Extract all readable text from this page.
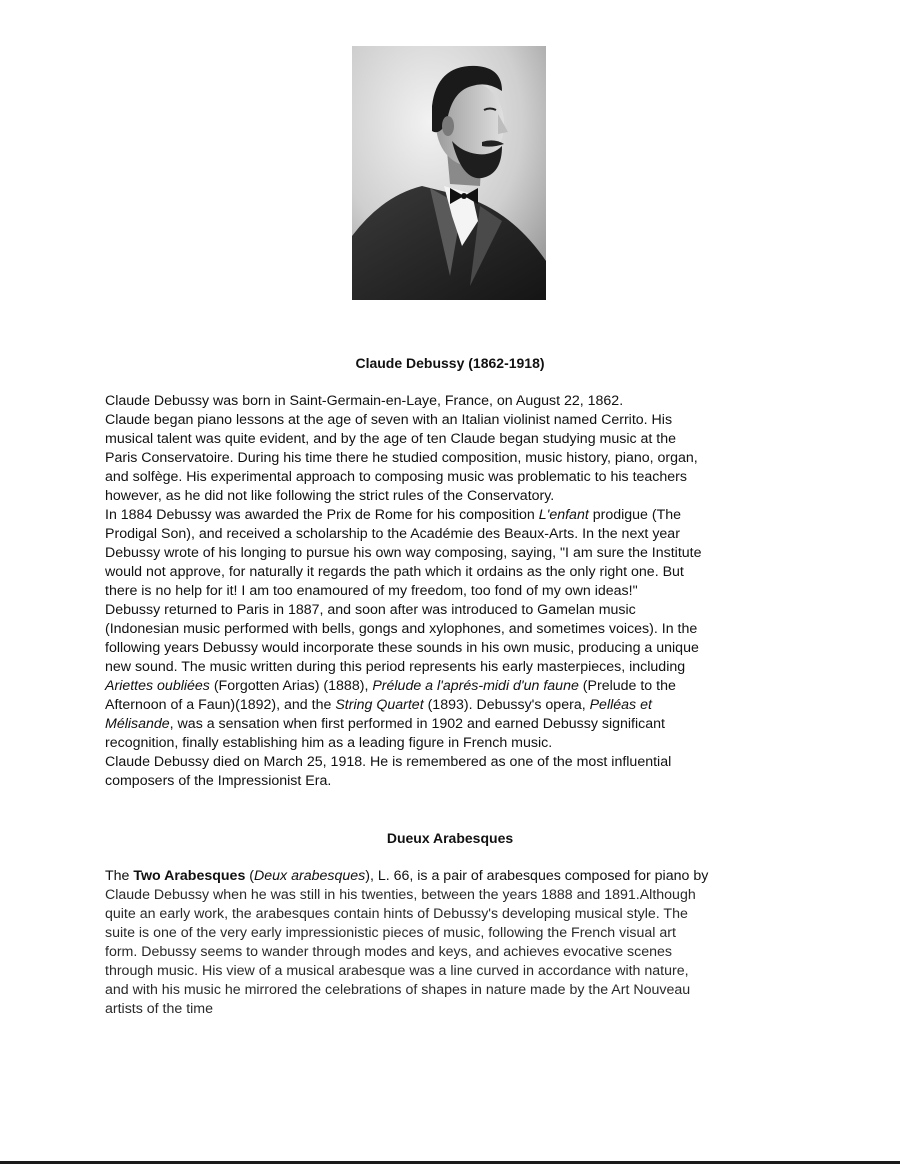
Claude Debussy (1862-1918)
Claude Debussy was born in Saint-Germain-en-Laye, France, on August 22, 1862.
Claude began piano lessons at the age of seven with an Italian violinist named Cerrito. His
musical talent was quite evident, and by the age of ten Claude began studying music at the
Paris Conservatoire. During his time there he studied composition, music history, piano, organ,
and solfège. His experimental approach to composing music was problematic to his teachers
however, as he did not like following the strict rules of the Conservatory.
In 1884 Debussy was awarded the Prix de Rome for his composition L'enfant prodigue (The
Prodigal Son), and received a scholarship to the Académie des Beaux-Arts. In the next year
Debussy wrote of his longing to pursue his own way composing, saying, "I am sure the Institute
would not approve, for naturally it regards the path which it ordains as the only right one. But
there is no help for it! I am too enamoured of my freedom, too fond of my own ideas!"
Debussy returned to Paris in 1887, and soon after was introduced to Gamelan music
(Indonesian music performed with bells, gongs and xylophones, and sometimes voices). In the
following years Debussy would incorporate these sounds in his own music, producing a unique
new sound. The music written during this period represents his early masterpieces, including
Ariettes oubliées (Forgotten Arias) (1888), Prélude a l'aprés-midi d'un faune (Prelude to the
Afternoon of a Faun)(1892), and the String Quartet (1893). Debussy's opera, Pelléas et
Mélisande, was a sensation when first performed in 1902 and earned Debussy significant
recognition, finally establishing him as a leading figure in French music.
Claude Debussy died on March 25, 1918. He is remembered as one of the most influential
composers of the Impressionist Era.
Dueux Arabesques
The Two Arabesques (Deux arabesques), L. 66, is a pair of arabesques composed for piano by
Claude Debussy when he was still in his twenties, between the years 1888 and 1891.Although
quite an early work, the arabesques contain hints of Debussy's developing musical style. The
suite is one of the very early impressionistic pieces of music, following the French visual art
form. Debussy seems to wander through modes and keys, and achieves evocative scenes
through music. His view of a musical arabesque was a line curved in accordance with nature,
and with his music he mirrored the celebrations of shapes in nature made by the Art Nouveau
artists of the time
